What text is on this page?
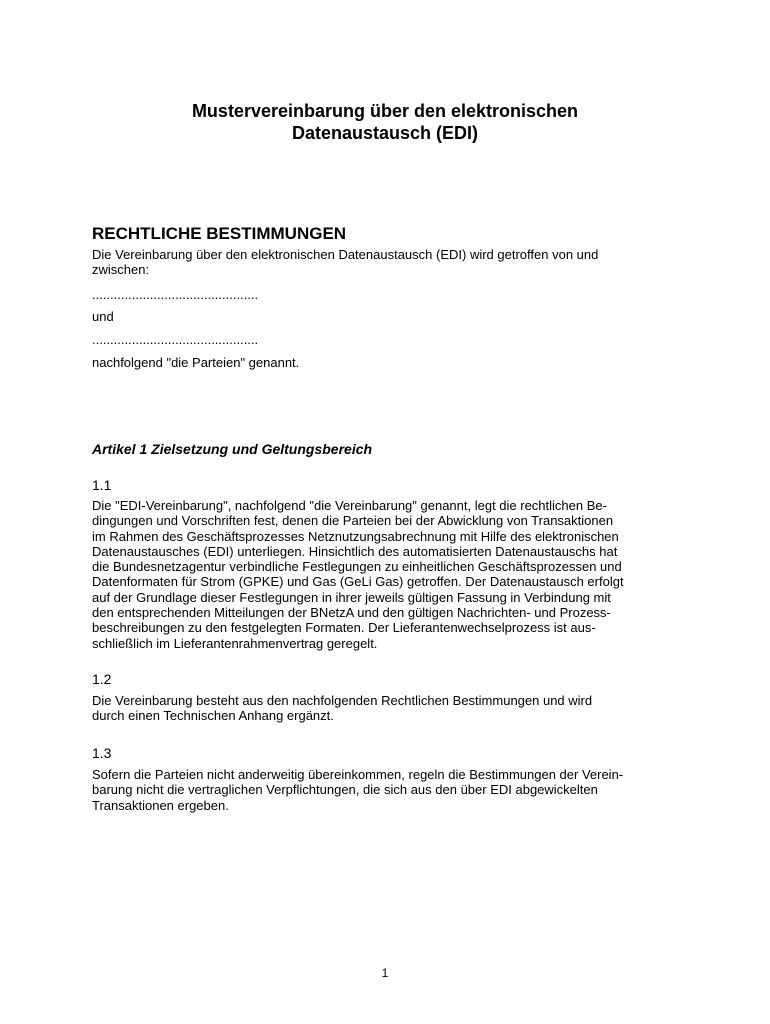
Mustervereinbarung über den elektronischen
Datenaustausch (EDI)
RECHTLICHE BESTIMMUNGEN
Die Vereinbarung über den elektronischen Datenaustausch (EDI) wird getroffen von und
zwischen:
..............................................
und
..............................................
nachfolgend "die Parteien" genannt.
Artikel 1 Zielsetzung und Geltungsbereich
1.1
Die "EDI-Vereinbarung", nachfolgend "die Vereinbarung" genannt, legt die rechtlichen Be-
dingungen und Vorschriften fest, denen die Parteien bei der Abwicklung von Transaktionen
im Rahmen des Geschäftsprozesses Netznutzungsabrechnung mit Hilfe des elektronischen
Datenaustausches (EDI) unterliegen. Hinsichtlich des automatisierten Datenaustauschs hat
die Bundesnetzagentur verbindliche Festlegungen zu einheitlichen Geschäftsprozessen und
Datenformaten für Strom (GPKE) und Gas (GeLi Gas) getroffen. Der Datenaustausch erfolgt
auf der Grundlage dieser Festlegungen in ihrer jeweils gültigen Fassung in Verbindung mit
den entsprechenden Mitteilungen der BNetzA und den gültigen Nachrichten- und Prozess-
beschreibungen zu den festgelegten Formaten. Der Lieferantenwechselprozess ist aus-
schließlich im Lieferantenrahmenvertrag geregelt.
1.2
Die Vereinbarung besteht aus den nachfolgenden Rechtlichen Bestimmungen und wird
durch einen Technischen Anhang ergänzt.
1.3
Sofern die Parteien nicht anderweitig übereinkommen, regeln die Bestimmungen der Verein-
barung nicht die vertraglichen Verpflichtungen, die sich aus den über EDI abgewickelten
Transaktionen ergeben.
1
